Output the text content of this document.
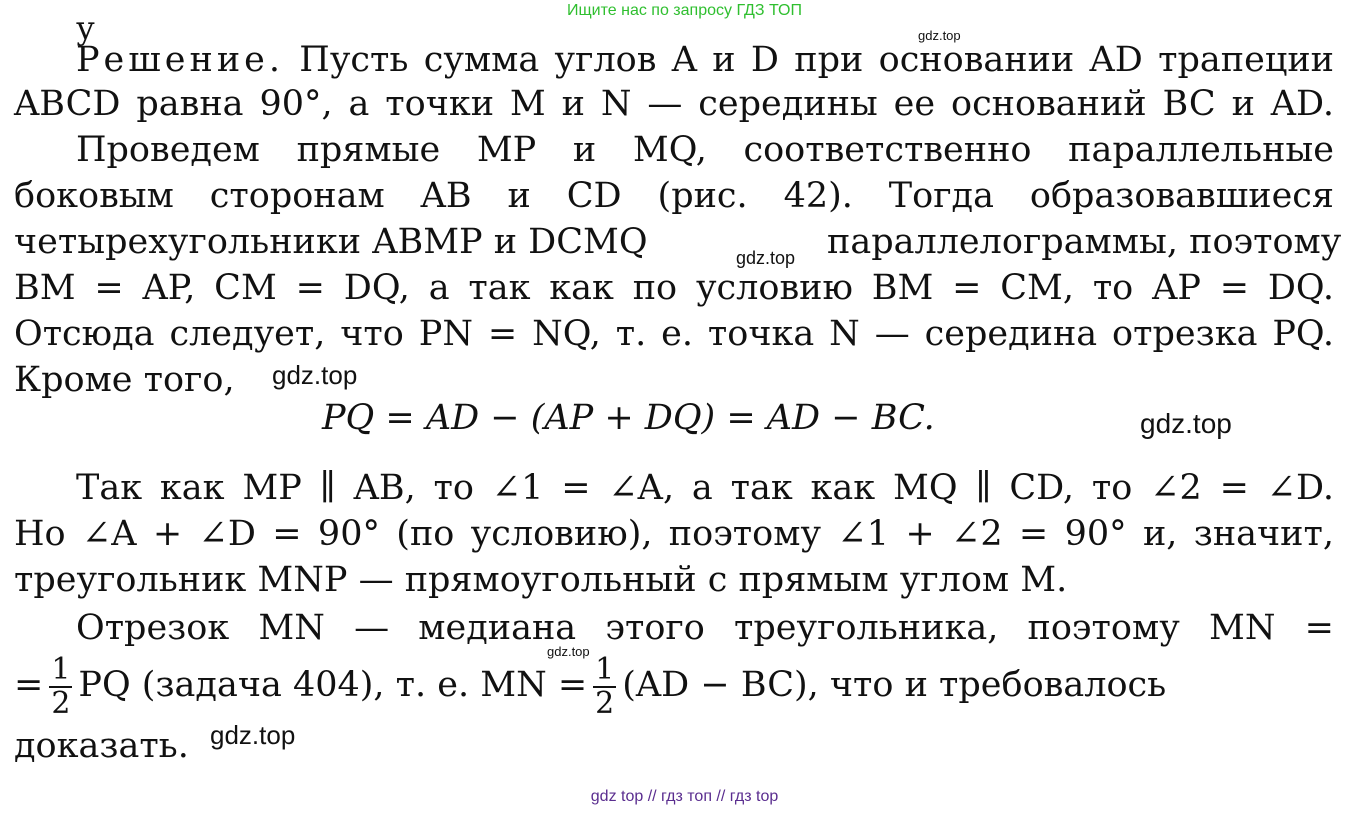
Ищите нас по запросу ГДЗ ТОП
у	gdz.top
Решение. Пусть сумма углов A и D при основании AD трапеции
ABCD равна 90°, а точки M и N — середины ее оснований BC и AD.
Проведем прямые MP и MQ, соответственно параллельные
боковым сторонам AB и CD (рис. 42). Тогда образовавшиеся
четырехугольники ABMP и DCMQ	gdz.top параллелограммы, поэтому
BM = AP, CM = DQ, а так как по условию BM = CM, то AP = DQ.
Отсюда следует, что PN = NQ, т. е. точка N — середина отрезка PQ.
Кроме того, gdz.top
PQ = AD − (AP + DQ) = AD − BC.	gdz.top
Так как MP ∥ AB, то ∠1 = ∠A, а так как MQ ∥ CD, то ∠2 = ∠D.
Но ∠A + ∠D = 90° (по условию), поэтому ∠1 + ∠2 = 90° и, значит,
треугольник MNP — прямоугольный с прямым углом M.
Отрезок MN — медиана этого треугольника, поэтому MN =
gdz.top
= $\frac{1}{2}$ PQ (задача 404), т. е. MN = $\frac{1}{2} (AD - BC)$, что и требовалось
доказать. gdz.top
gdz top // гдз топ // гдз top
